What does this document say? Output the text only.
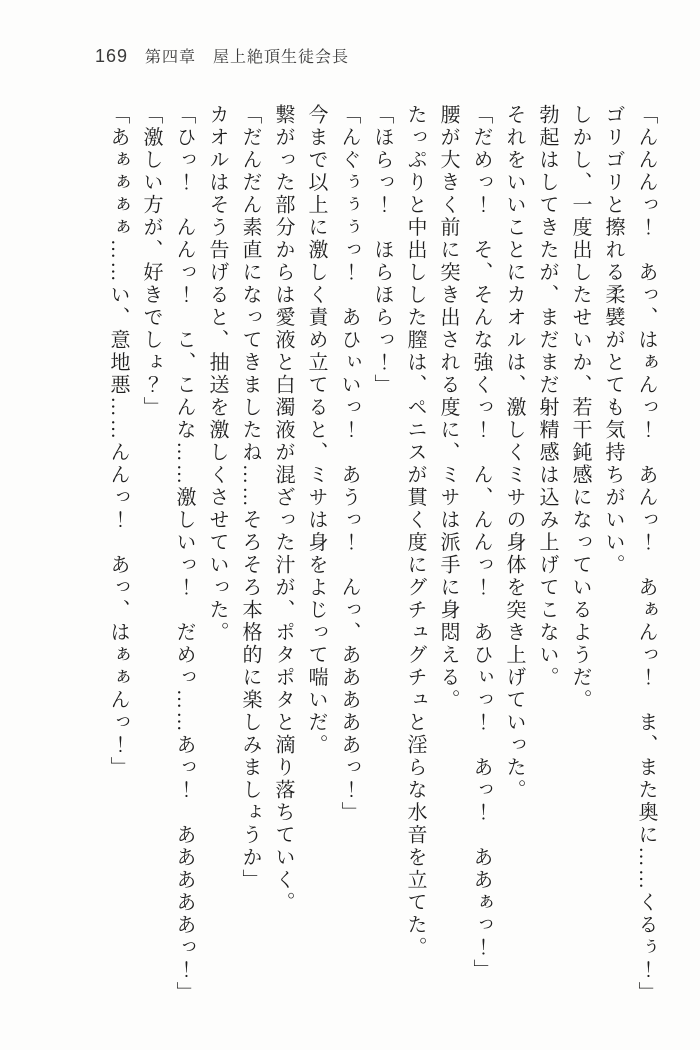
169 第四章　屋上絶頂生徒会長

「んんんっ！　あっ、はぁんっ！　あんっ！　あぁんっ！　ま、また奥に……くるぅ！」

ゴリゴリと擦れる柔襞がとても気持ちがいい。

しかし、一度出したせいか、若干鈍感になっているようだ。

勃起はしてきたが、まだまだ射精感は込み上げてこない。

それをいいことにカオルは、激しくミサの身体を突き上げていった。

「だめっ！　そ、そんな強くっ！　ん、んんっ！　あひぃっ！　あっ！　ああぁっ！」

腰が大きく前に突き出される度に、ミサは派手に身悶える。

たっぷりと中出しした膣は、ペニスが貫く度にグチュグチュと淫らな水音を立てた。

「ほらっ！　ほらほらっ！」

「んぐぅぅぅっ！　あひぃいっ！　あうっ！　んっ、あああああっ！」

今まで以上に激しく責め立てると、ミサは身をよじって喘いだ。

繋がった部分からは愛液と白濁液が混ざった汁が、ポタポタと滴り落ちていく。

「だんだん素直になってきましたね……そろそろ本格的に楽しみましょうか」

カオルはそう告げると、抽送を激しくさせていった。

「ひっ！　んんっ！　こ、こんな……激しいっ！　だめっ……あっ！　あああああっ！」

「激しい方が、好きでしょ？」

「あぁぁぁぁ……い、意地悪……んんっ！　あっ、はぁぁんっ！」
